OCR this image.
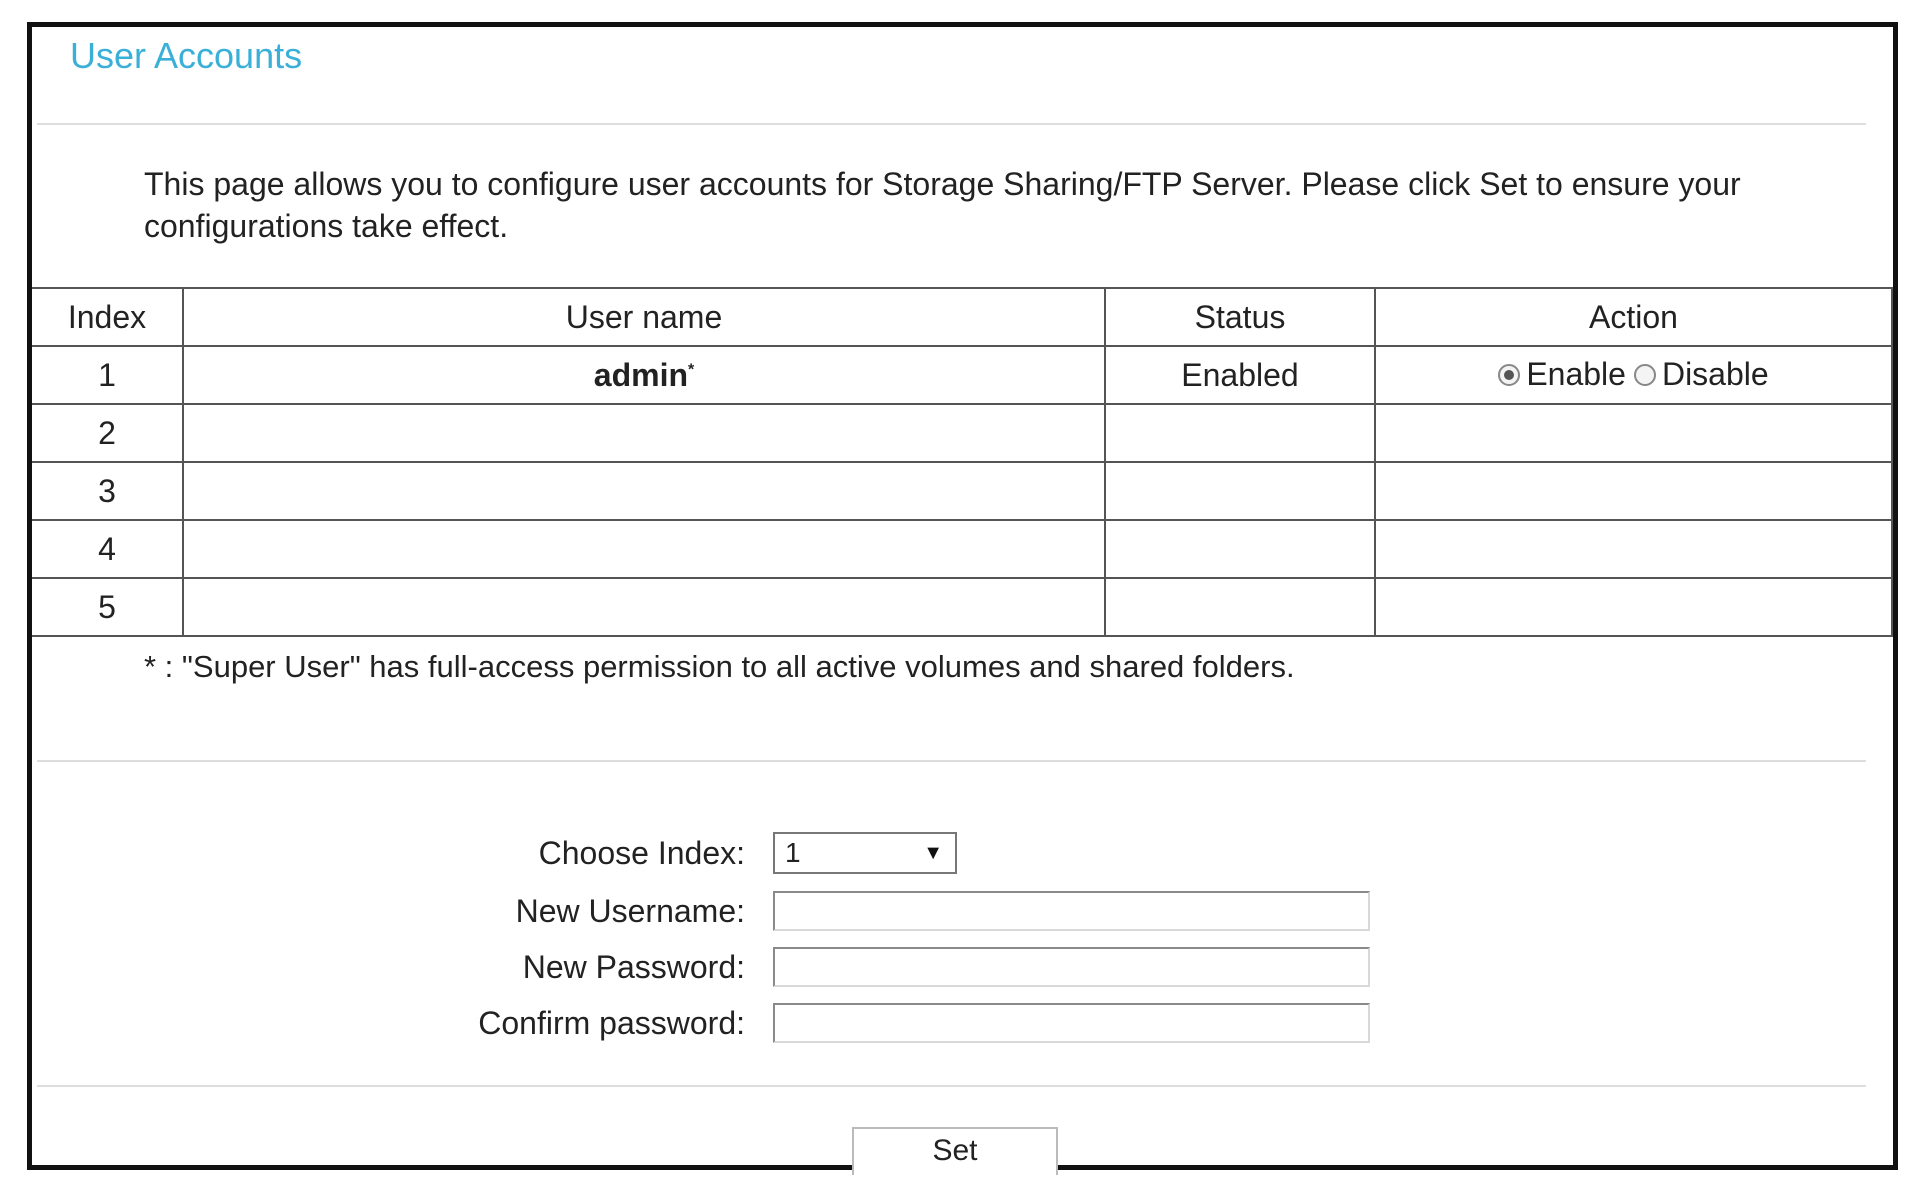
User Accounts
This page allows you to configure user accounts for Storage Sharing/FTP Server. Please click Set to ensure your configurations take effect.
Index	User name	Status	Action
1	admin*	Enabled	Enable Disable

2			
3			
4			
5			
* : "Super User" has full-access permission to all active volumes and shared folders.
Choose Index:	1	▼
New Username:
New Password:
Confirm password:
Set
